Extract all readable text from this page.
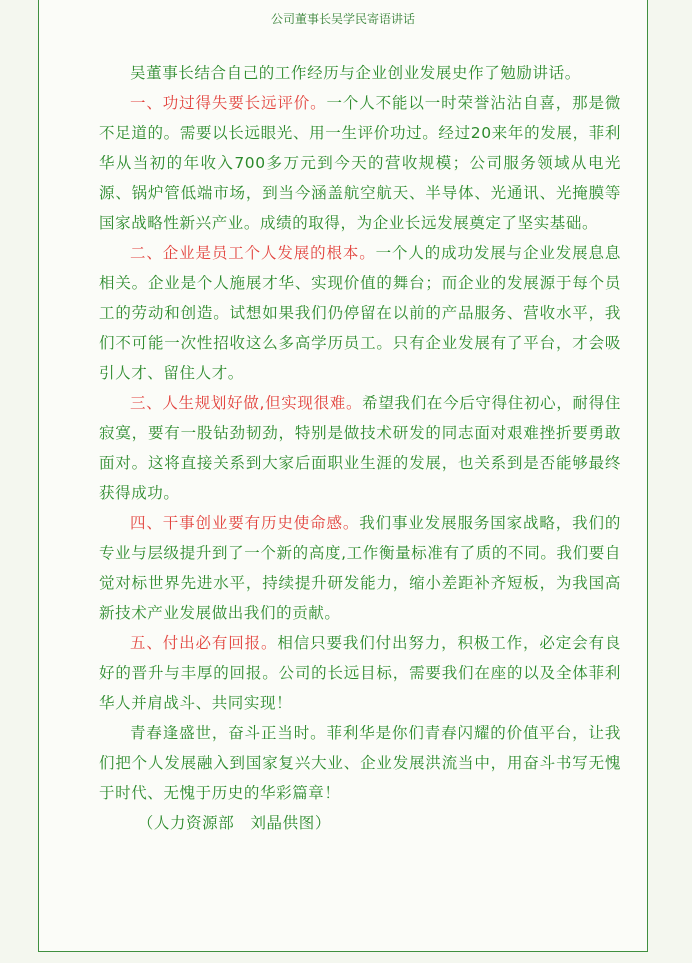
公司董事长吴学民寄语讲话

吴董事长结合自己的工作经历与企业创业发展史作了勉励讲话。

一、功过得失要长远评价。一个人不能以一时荣誉沾沾自喜，那是微不足道的。需要以长远眼光、用一生评价功过。经过20来年的发展，菲利华从当初的年收入700多万元到今天的营收规模；公司服务领域从电光源、锅炉管低端市场，到当今涵盖航空航天、半导体、光通讯、光掩膜等国家战略性新兴产业。成绩的取得，为企业长远发展奠定了坚实基础。

二、企业是员工个人发展的根本。一个人的成功发展与企业发展息息相关。企业是个人施展才华、实现价值的舞台；而企业的发展源于每个员工的劳动和创造。试想如果我们仍停留在以前的产品服务、营收水平，我们不可能一次性招收这么多高学历员工。只有企业发展有了平台，才会吸引人才、留住人才。

三、人生规划好做,但实现很难。希望我们在今后守得住初心，耐得住寂寞，要有一股钻劲韧劲，特别是做技术研发的同志面对艰难挫折要勇敢面对。这将直接关系到大家后面职业生涯的发展，也关系到是否能够最终获得成功。

四、干事创业要有历史使命感。我们事业发展服务国家战略，我们的专业与层级提升到了一个新的高度,工作衡量标准有了质的不同。我们要自觉对标世界先进水平，持续提升研发能力，缩小差距补齐短板，为我国高新技术产业发展做出我们的贡献。

五、付出必有回报。相信只要我们付出努力，积极工作，必定会有良好的晋升与丰厚的回报。公司的长远目标，需要我们在座的以及全体菲利华人并肩战斗、共同实现！

青春逢盛世，奋斗正当时。菲利华是你们青春闪耀的价值平台，让我们把个人发展融入到国家复兴大业、企业发展洪流当中，用奋斗书写无愧于时代、无愧于历史的华彩篇章！

（人力资源部　刘晶供图）
